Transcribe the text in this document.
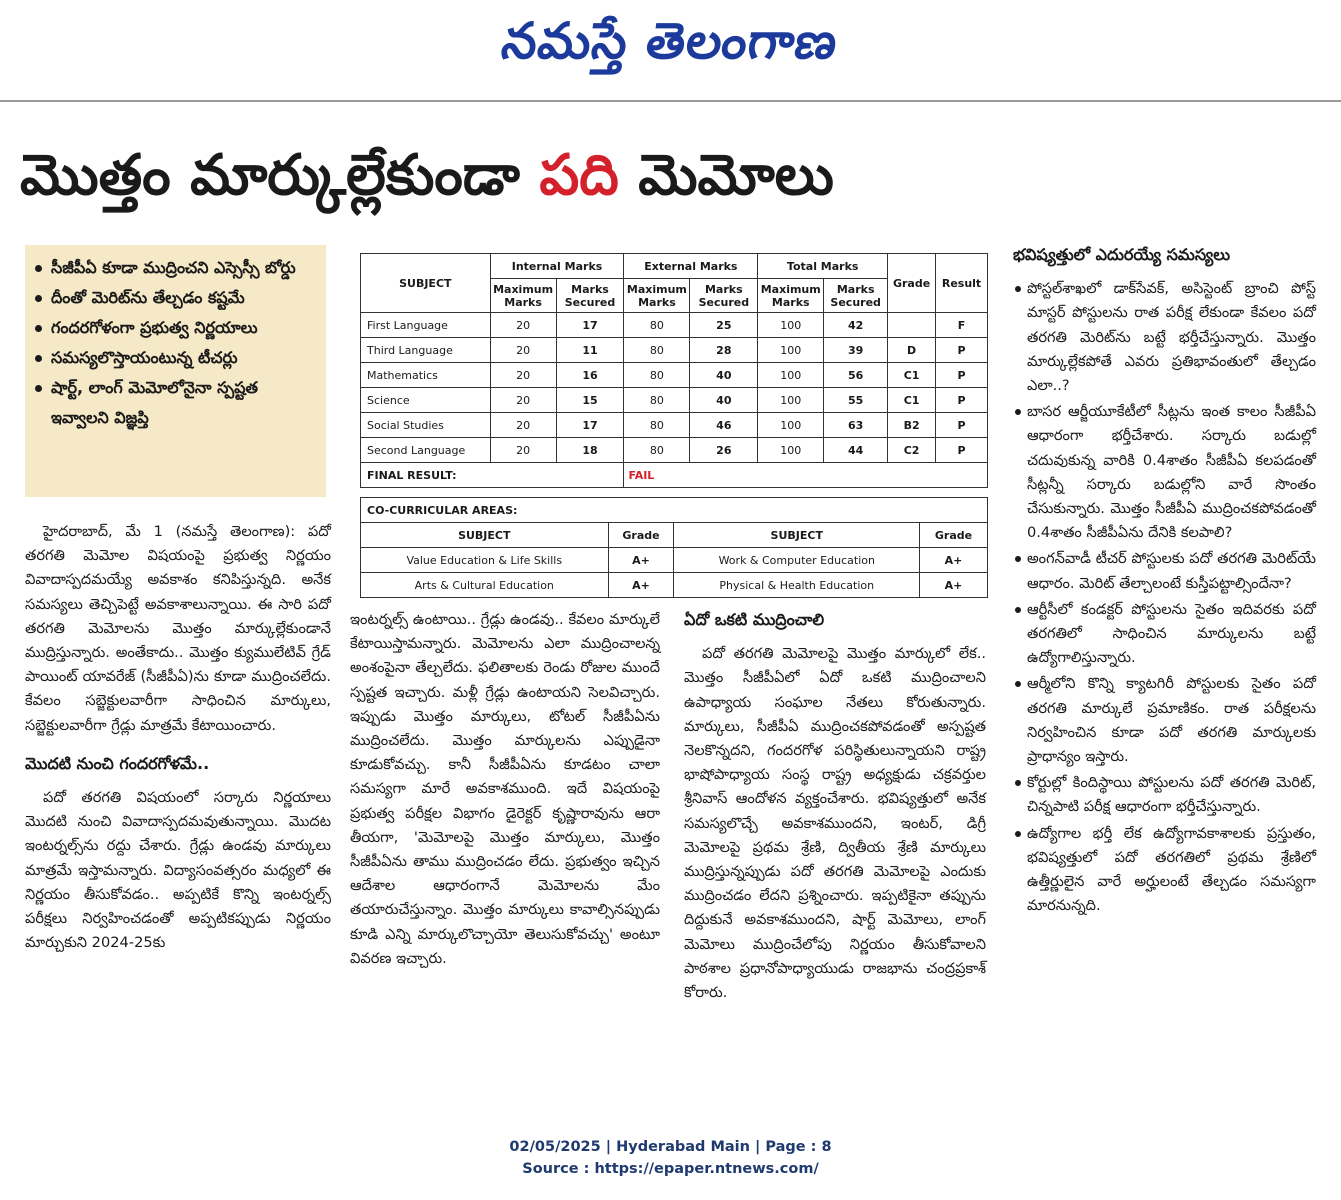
నమస్తే తెలంగాణ
మొత్తం మార్కుల్లేకుండా పది మెమోలు
సీజీపీఏ కూడా ముద్రించని ఎస్సెస్సీ బోర్డు
దీంతో మెరిట్‌ను తేల్చడం కష్టమే
గందరగోళంగా ప్రభుత్వ నిర్ణయాలు
సమస్యలొస్తాయంటున్న టీచర్లు
షార్ట్, లాంగ్ మెమోలోనైనా స్పష్టత ఇవ్వాలని విజ్ఞప్తి
SUBJECT	Internal Marks		External Marks		Total Marks		Grade	Result
	Maximum Marks	Marks Secured	Maximum Marks	Marks Secured	Maximum Marks	Marks Secured		
First Language	20	17	80	25	100	42		F
Third Language	20	11	80	28	100	39	D	P
Mathematics	20	16	80	40	100	56	C1	P
Science	20	15	80	40	100	55	C1	P
Social Studies	20	17	80	46	100	63	B2	P
Second Language	20	18	80	26	100	44	C2	P
FINAL RESULT:			FAIL					
CO-CURRICULAR AREAS:			
SUBJECT	Grade	SUBJECT	Grade
Value Education & Life Skills	A+	Work & Computer Education	A+
Arts & Cultural Education	A+	Physical & Health Education	A+

హైదరాబాద్, మే 1 (నమస్తే తెలంగాణ): పదో తరగతి మెమోల విషయంపై ప్రభుత్వ నిర్ణయం వివాదాస్పదమయ్యే అవకాశం కనిపిస్తున్నది. అనేక సమస్యలు తెచ్చిపెట్టే అవకాశాలున్నాయి. ఈ సారి పదో తరగతి మెమోలను మొత్తం మార్కుల్లేకుండానే ముద్రిస్తున్నారు. అంతేకాదు.. మొత్తం క్యుములేటివ్ గ్రేడ్ పాయింట్ యావరేజ్ (సీజీపీఏ)ను కూడా ముద్రించలేదు. కేవలం సబ్జెక్టులవారీగా సాధించిన మార్కులు, సబ్జెక్టులవారీగా గ్రేడ్లు మాత్రమే కేటాయించారు.

మొదటి నుంచి గందరగోళమే..

పదో తరగతి విషయంలో సర్కారు నిర్ణయాలు మొదటి నుంచి వివాదాస్పదమవుతున్నాయి. మొదట ఇంటర్నల్స్‌ను రద్దు చేశారు. గ్రేడ్లు ఉండవు మార్కులు మాత్రమే ఇస్తామన్నారు. విద్యాసంవత్సరం మధ్యలో ఈ నిర్ణయం తీసుకోవడం.. అప్పటికే కొన్ని ఇంటర్నల్స్ పరీక్షలు నిర్వహించడంతో అప్పటికప్పుడు నిర్ణయం మార్చుకుని 2024-25కు

ఇంటర్నల్స్ ఉంటాయి.. గ్రేడ్లు ఉండవు.. కేవలం మార్కులే కేటాయిస్తామన్నారు. మెమోలను ఎలా ముద్రించాలన్న అంశంపైనా తేల్చలేదు. ఫలితాలకు రెండు రోజుల ముందే స్పష్టత ఇచ్చారు. మళ్లీ గ్రేడ్లు ఉంటాయని సెలవిచ్చారు. ఇప్పుడు మొత్తం మార్కులు, టోటల్ సీజీపీఏను ముద్రించలేదు. మొత్తం మార్కులను ఎప్పుడైనా కూడుకోవచ్చు. కానీ సీజీపీఏను కూడటం చాలా సమస్యగా మారే అవకాశముంది. ఇదే విషయంపై ప్రభుత్వ పరీక్షల విభాగం డైరెక్టర్ కృష్ణారావును ఆరా తీయగా, 'మెమోలపై మొత్తం మార్కులు, మొత్తం సీజీపీఏను తాము ముద్రించడం లేదు. ప్రభుత్వం ఇచ్చిన ఆదేశాల ఆధారంగానే మెమోలను మేం తయారుచేస్తున్నాం. మొత్తం మార్కులు కావాల్సినప్పుడు కూడి ఎన్ని మార్కులొచ్చాయో తెలుసుకోవచ్చు' అంటూ వివరణ ఇచ్చారు.

ఏదో ఒకటి ముద్రించాలి

పదో తరగతి మెమోలపై మొత్తం మార్కులో లేక.. మొత్తం సీజీపీఏలో ఏదో ఒకటి ముద్రించాలని ఉపాధ్యాయ సంఘాల నేతలు కోరుతున్నారు. మార్కులు, సీజీపీఏ ముద్రించకపోవడంతో అస్పష్టత నెలకొన్నదని, గందరగోళ పరిస్థితులున్నాయని రాష్ట్ర భాషోపాధ్యాయ సంస్థ రాష్ట్ర అధ్యక్షుడు చక్రవర్తుల శ్రీనివాస్ ఆందోళన వ్యక్తంచేశారు. భవిష్యత్తులో అనేక సమస్యలొచ్చే అవకాశముందని, ఇంటర్, డిగ్రీ మెమోలపై ప్రథమ శ్రేణి, ద్వితీయ శ్రేణి మార్కులు ముద్రిస్తున్నప్పుడు పదో తరగతి మెమోలపై ఎందుకు ముద్రించడం లేదని ప్రశ్నించారు. ఇప్పటికైనా తప్పును దిద్దుకునే అవకాశముందని, షార్ట్ మెమోలు, లాంగ్ మెమోలు ముద్రించేలోపు నిర్ణయం తీసుకోవాలని పాఠశాల ప్రధానోపాధ్యాయుడు రాజభాను చంద్రప్రకాశ్ కోరారు.

భవిష్యత్తులో ఎదురయ్యే సమస్యలు
పోస్టల్‌శాఖలో డాక్‌సేవక్, అసిస్టెంట్ బ్రాంచి పోస్ట్ మాస్టర్ పోస్టులను రాత పరీక్ష లేకుండా కేవలం పదో తరగతి మెరిట్‌ను బట్టే భర్తీచేస్తున్నారు. మొత్తం మార్కుల్లేకపోతే ఎవరు ప్రతిభావంతులో తేల్చడం ఎలా..?
బాసర ఆర్జీయూకేటీలో సీట్లను ఇంత కాలం సీజీపీఏ ఆధారంగా భర్తీచేశారు. సర్కారు బడుల్లో చదువుకున్న వారికి 0.4శాతం సీజీపీఏ కలపడంతో సీట్లన్నీ సర్కారు బడుల్లోని వారే సొంతం చేసుకున్నారు. మొత్తం సీజీపీఏ ముద్రించకపోవడంతో 0.4శాతం సీజీపీఏను దేనికి కలపాలి?
అంగన్‌వాడీ టీచర్ పోస్టులకు పదో తరగతి మెరిట్‌యే ఆధారం. మెరిట్ తేల్చాలంటే కుస్తీపట్టాల్సిందేనా?
ఆర్టీసీలో కండక్టర్ పోస్టులను సైతం ఇదివరకు పదో తరగతిలో సాధించిన మార్కులను బట్టే ఉద్యోగాలిస్తున్నారు.
ఆర్మీలోని కొన్ని క్యాటగిరీ పోస్టులకు సైతం పదో తరగతి మార్కులే ప్రమాణికం. రాత పరీక్షలను నిర్వహించిన కూడా పదో తరగతి మార్కులకు ప్రాధాన్యం ఇస్తారు.
కోర్టుల్లో కిందిస్థాయి పోస్టులను పదో తరగతి మెరిట్, చిన్నపాటి పరీక్ష ఆధారంగా భర్తీచేస్తున్నారు.
ఉద్యోగాల భర్తీ లేక ఉద్యోగావకాశాలకు ప్రస్తుతం, భవిష్యత్తులో పదో తరగతిలో ప్రథమ శ్రేణిలో ఉత్తీర్ణులైన వారే అర్హులంటే తేల్చడం సమస్యగా మారనున్నది.
02/05/2025 | Hyderabad Main | Page : 8
Source : https://epaper.ntnews.com/
